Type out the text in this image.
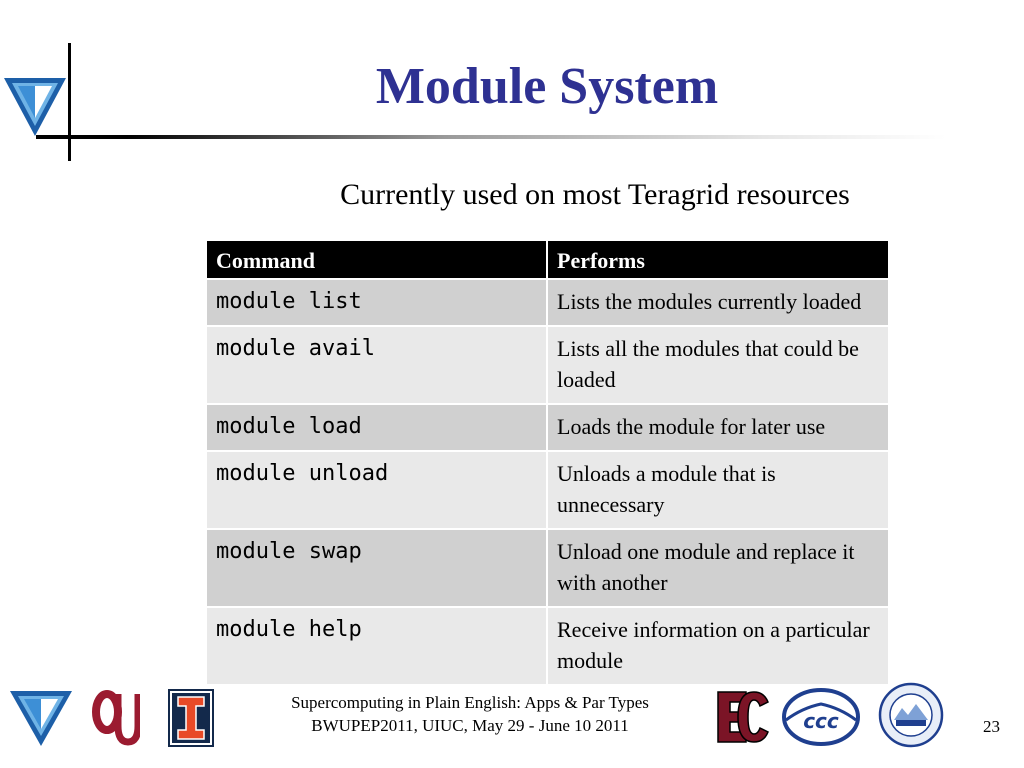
Module System

Currently used on most Teragrid resources

Command	Performs
module list	Lists the modules currently loaded
module avail	Lists all the modules that could be loaded
module load	Loads the module for later use
module unload	Unloads a module that is unnecessary
module swap	Unload one module and replace it with another
module help	Receive information on a particular module
ccc
Supercomputing in Plain English: Apps & Par Types
BWUPEP2011, UIUC, May 29 - June 10 2011	23
